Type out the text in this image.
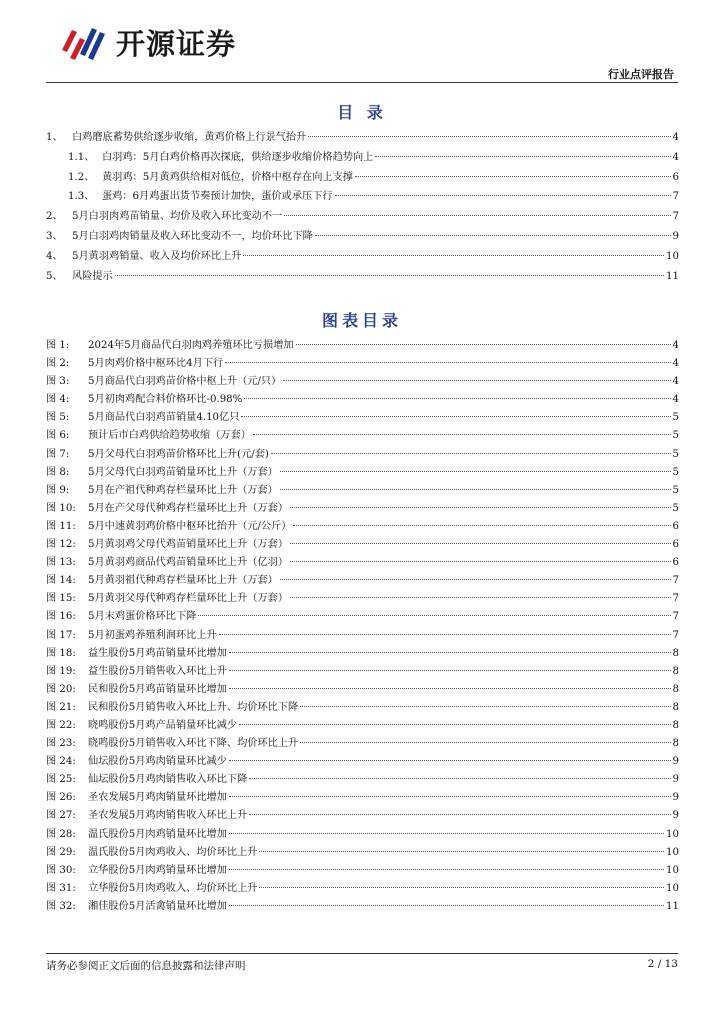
开源证券
行业点评报告
目 录
1、 白鸡磨底蓄势供给逐步收缩，黄鸡价格上行景气抬升	4
1.1、 白羽鸡：5月白鸡价格再次探底，供给逐步收缩价格趋势向上	4
1.2、 黄羽鸡：5月黄鸡供给相对低位，价格中枢存在向上支撑	6
1.3、 蛋鸡：6月鸡蛋出货节奏预计加快，蛋价或承压下行	7
2、 5月白羽肉鸡苗销量、均价及收入环比变动不一	7
3、 5月白羽鸡肉销量及收入环比变动不一，均价环比下降	9
4、 5月黄羽鸡销量、收入及均价环比上升	10
5、 风险提示	11
图表目录
图 1:	2024年5月商品代白羽肉鸡养殖环比亏损增加	4
图 2:	5月肉鸡价格中枢环比4月下行	4
图 3:	5月商品代白羽鸡苗价格中枢上升（元/只）	4
图 4:	5月初肉鸡配合料价格环比-0.98%	4
图 5:	5月商品代白羽鸡苗销量4.10亿只	5
图 6:	预计后市白鸡供给趋势收缩（万套）	5
图 7:	5月父母代白羽鸡苗价格环比上升(元/套)	5
图 8:	5月父母代白羽鸡苗销量环比上升（万套）	5
图 9:	5月在产祖代种鸡存栏量环比上升（万套）	5
图 10:	5月在产父母代种鸡存栏量环比上升（万套）	5
图 11:	5月中速黄羽鸡价格中枢环比抬升（元/公斤）	6
图 12:	5月黄羽鸡父母代鸡苗销量环比上升（万套）	6
图 13:	5月黄羽鸡商品代鸡苗销量环比上升（亿羽）	6
图 14:	5月黄羽祖代种鸡存栏量环比上升（万套）	7
图 15:	5月黄羽父母代种鸡存栏量环比上升（万套）	7
图 16:	5月末鸡蛋价格环比下降	7
图 17:	5月初蛋鸡养殖利润环比上升	7
图 18:	益生股份5月鸡苗销量环比增加	8
图 19:	益生股份5月销售收入环比上升	8
图 20:	民和股份5月鸡苗销量环比增加	8
图 21:	民和股份5月销售收入环比上升、均价环比下降	8
图 22:	晓鸣股份5月鸡产品销量环比减少	8
图 23:	晓鸣股份5月销售收入环比下降、均价环比上升	8
图 24:	仙坛股份5月鸡肉销量环比减少	9
图 25:	仙坛股份5月鸡肉销售收入环比下降	9
图 26:	圣农发展5月鸡肉销量环比增加	9
图 27:	圣农发展5月鸡肉销售收入环比上升	9
图 28:	温氏股份5月肉鸡销量环比增加	10
图 29:	温氏股份5月肉鸡收入、均价环比上升	10
图 30:	立华股份5月肉鸡销量环比增加	10
图 31:	立华股份5月肉鸡收入、均价环比上升	10
图 32:	湘佳股份5月活禽销量环比增加	11
请务必参阅正文后面的信息披露和法律声明	2 / 13
